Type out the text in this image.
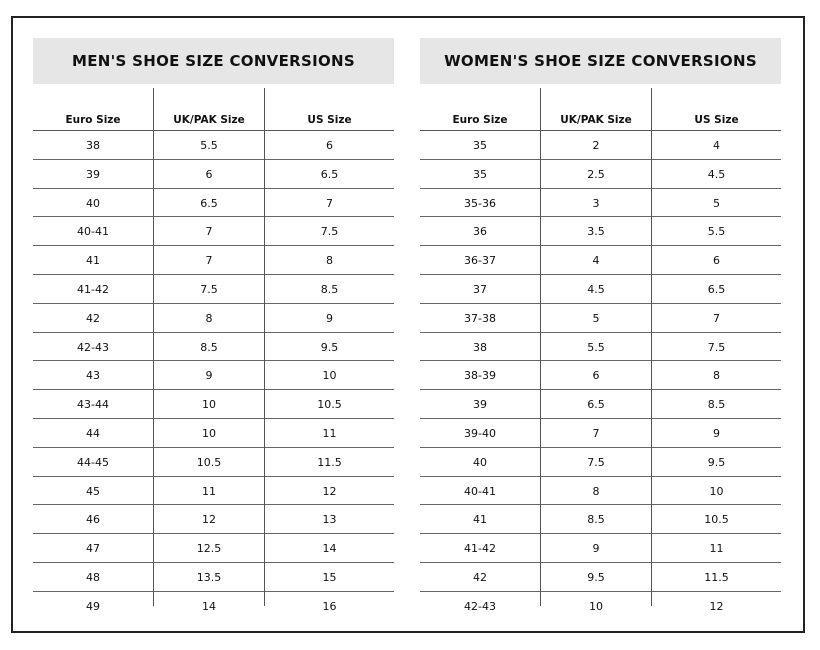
MEN'S SHOE SIZE CONVERSIONS
Euro Size	UK/PAK Size	US Size
38	5.5	6
39	6	6.5
40	6.5	7
40-41	7	7.5
41	7	8
41-42	7.5	8.5
42	8	9
42-43	8.5	9.5
43	9	10
43-44	10	10.5
44	10	11
44-45	10.5	11.5
45	11	12
46	12	13
47	12.5	14
48	13.5	15
49	14	16
WOMEN'S SHOE SIZE CONVERSIONS
Euro Size	UK/PAK Size	US Size
35	2	4
35	2.5	4.5
35-36	3	5
36	3.5	5.5
36-37	4	6
37	4.5	6.5
37-38	5	7
38	5.5	7.5
38-39	6	8
39	6.5	8.5
39-40	7	9
40	7.5	9.5
40-41	8	10
41	8.5	10.5
41-42	9	11
42	9.5	11.5
42-43	10	12
